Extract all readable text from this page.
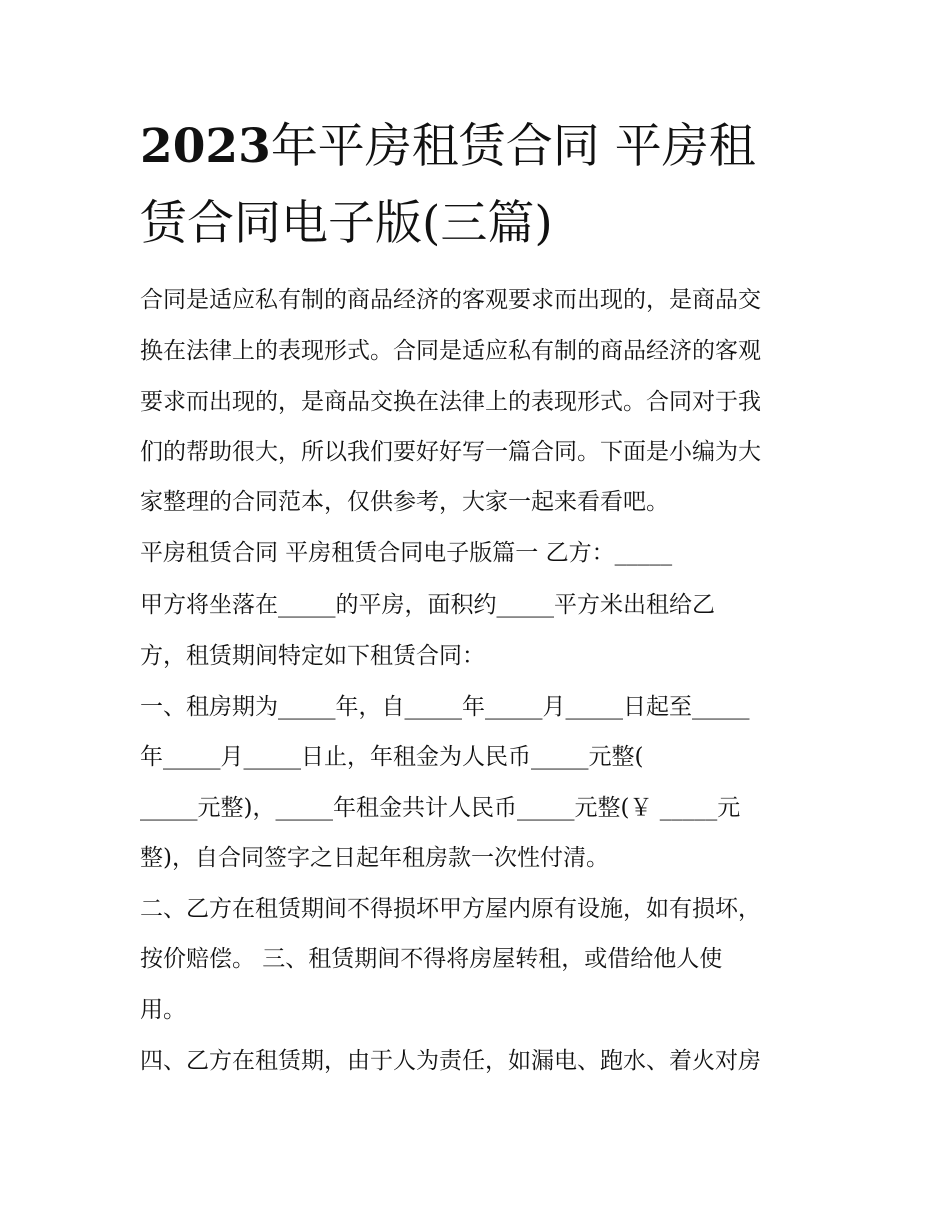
2023年平房租赁合同 平房租
赁合同电子版(三篇)
合同是适应私有制的商品经济的客观要求而出现的，是商品交
换在法律上的表现形式。合同是适应私有制的商品经济的客观
要求而出现的，是商品交换在法律上的表现形式。合同对于我
们的帮助很大，所以我们要好好写一篇合同。下面是小编为大
家整理的合同范本，仅供参考，大家一起来看看吧。
平房租赁合同 平房租赁合同电子版篇一 乙方：_____
甲方将坐落在_____的平房，面积约_____平方米出租给乙
方，租赁期间特定如下租赁合同：
一、租房期为_____年，自_____年_____月_____日起至_____
年_____月_____日止，年租金为人民币_____元整(
_____元整)，_____年租金共计人民币_____元整(￥ _____元
整)，自合同签字之日起年租房款一次性付清。
二、乙方在租赁期间不得损坏甲方屋内原有设施，如有损坏，
按价赔偿。 三、租赁期间不得将房屋转租，或借给他人使
用。
四、乙方在租赁期，由于人为责任，如漏电、跑水、着火对房
